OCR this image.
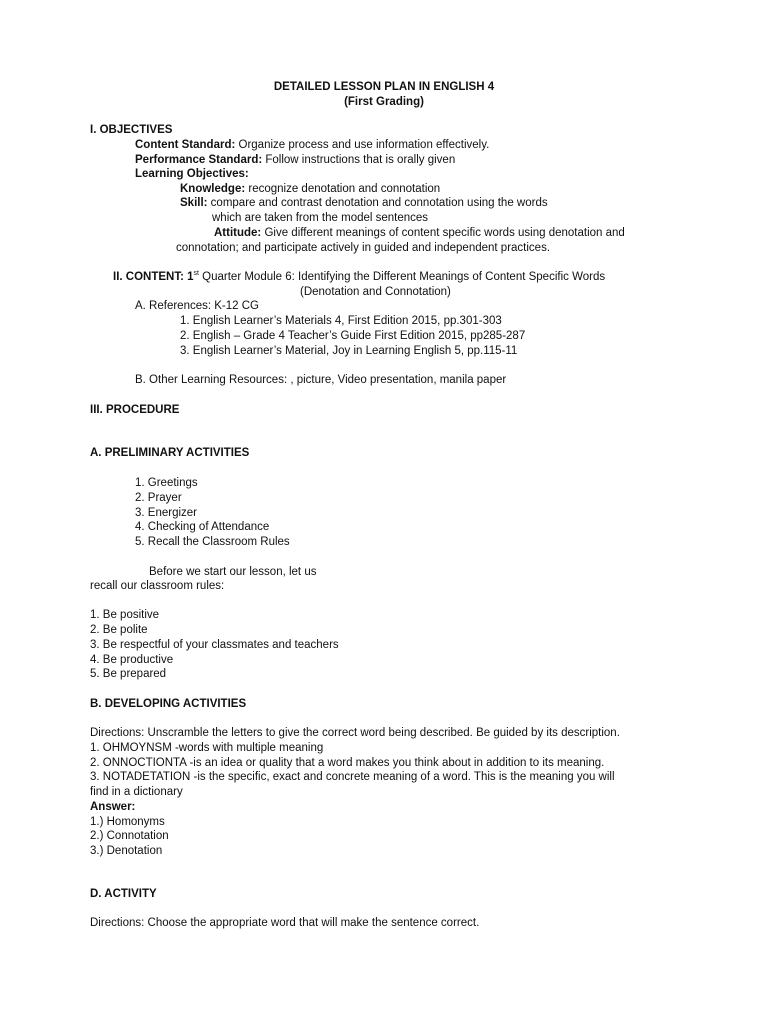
DETAILED LESSON PLAN IN ENGLISH 4
(First Grading)
I. OBJECTIVES
Content Standard: Organize process and use information effectively.
Performance Standard: Follow instructions that is orally given
Learning Objectives:
Knowledge: recognize denotation and connotation
Skill: compare and contrast denotation and connotation using the words
which are taken from the model sentences
Attitude: Give different meanings of content specific words using denotation and
connotation; and participate actively in guided and independent practices.
II. CONTENT: 1st Quarter Module 6: Identifying the Different Meanings of Content Specific Words
(Denotation and Connotation)
A. References: K-12 CG
1. English Learner’s Materials 4, First Edition 2015, pp.301-303
2. English – Grade 4 Teacher’s Guide First Edition 2015, pp285-287
3. English Learner’s Material, Joy in Learning English 5, pp.115-11
B. Other Learning Resources: , picture, Video presentation, manila paper
III. PROCEDURE
A. PRELIMINARY ACTIVITIES
1. Greetings
2. Prayer
3. Energizer
4. Checking of Attendance
5. Recall the Classroom Rules
Before we start our lesson, let us
recall our classroom rules:
1. Be positive
2. Be polite
3. Be respectful of your classmates and teachers
4. Be productive
5. Be prepared
B. DEVELOPING ACTIVITIES
Directions: Unscramble the letters to give the correct word being described. Be guided by its description.
1. OHMOYNSM -words with multiple meaning
2. ONNOCTIONTA -is an idea or quality that a word makes you think about in addition to its meaning.
3. NOTADETATION -is the specific, exact and concrete meaning of a word. This is the meaning you will
find in a dictionary
Answer:
1.) Homonyms
2.) Connotation
3.) Denotation
D. ACTIVITY
Directions: Choose the appropriate word that will make the sentence correct.
